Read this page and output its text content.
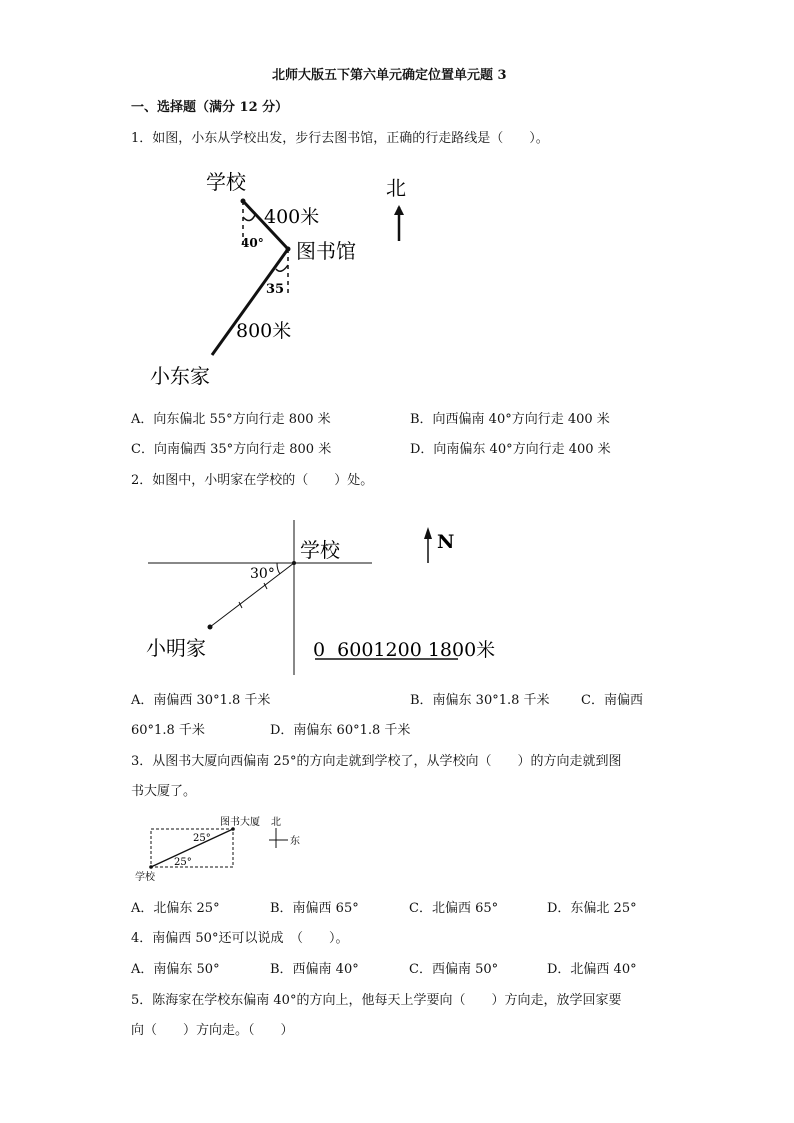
北师大版五下第六单元确定位置单元题 3
一、选择题（满分 12 分）
1．如图，小东从学校出发，步行去图书馆，正确的行走路线是（　　）。
学校
400米
40° 图书馆
35
800米
小东家
北
A．向东偏北 55°方向行走 800 米	B．向西偏南 40°方向行走 400 米
C．向南偏西 35°方向行走 800 米	D．向南偏东 40°方向行走 400 米
2．如图中，小明家在学校的（　　）处。
学校
30°
小明家
N
0  6001200 1800米
A．南偏西 30°1.8 千米	B．南偏东 30°1.8 千米 C．南偏西
60°1.8 千米	D．南偏东 60°1.8 千米
3．从图书大厦向西偏南 25°的方向走就到学校了，从学校向（　　）的方向走就到图
书大厦了。
图书大厦
25°
25°
学校
北
东
A．北偏东 25°	B．南偏西 65°	C．北偏西 65°	D．东偏北 25°
4．南偏西 50°还可以说成　（　　）。
A．南偏东 50°	B．西偏南 40°	C．西偏南 50°	D．北偏西 40°
5．陈海家在学校东偏南 40°的方向上，他每天上学要向（　　）方向走，放学回家要
向（　　）方向走。（　　）
